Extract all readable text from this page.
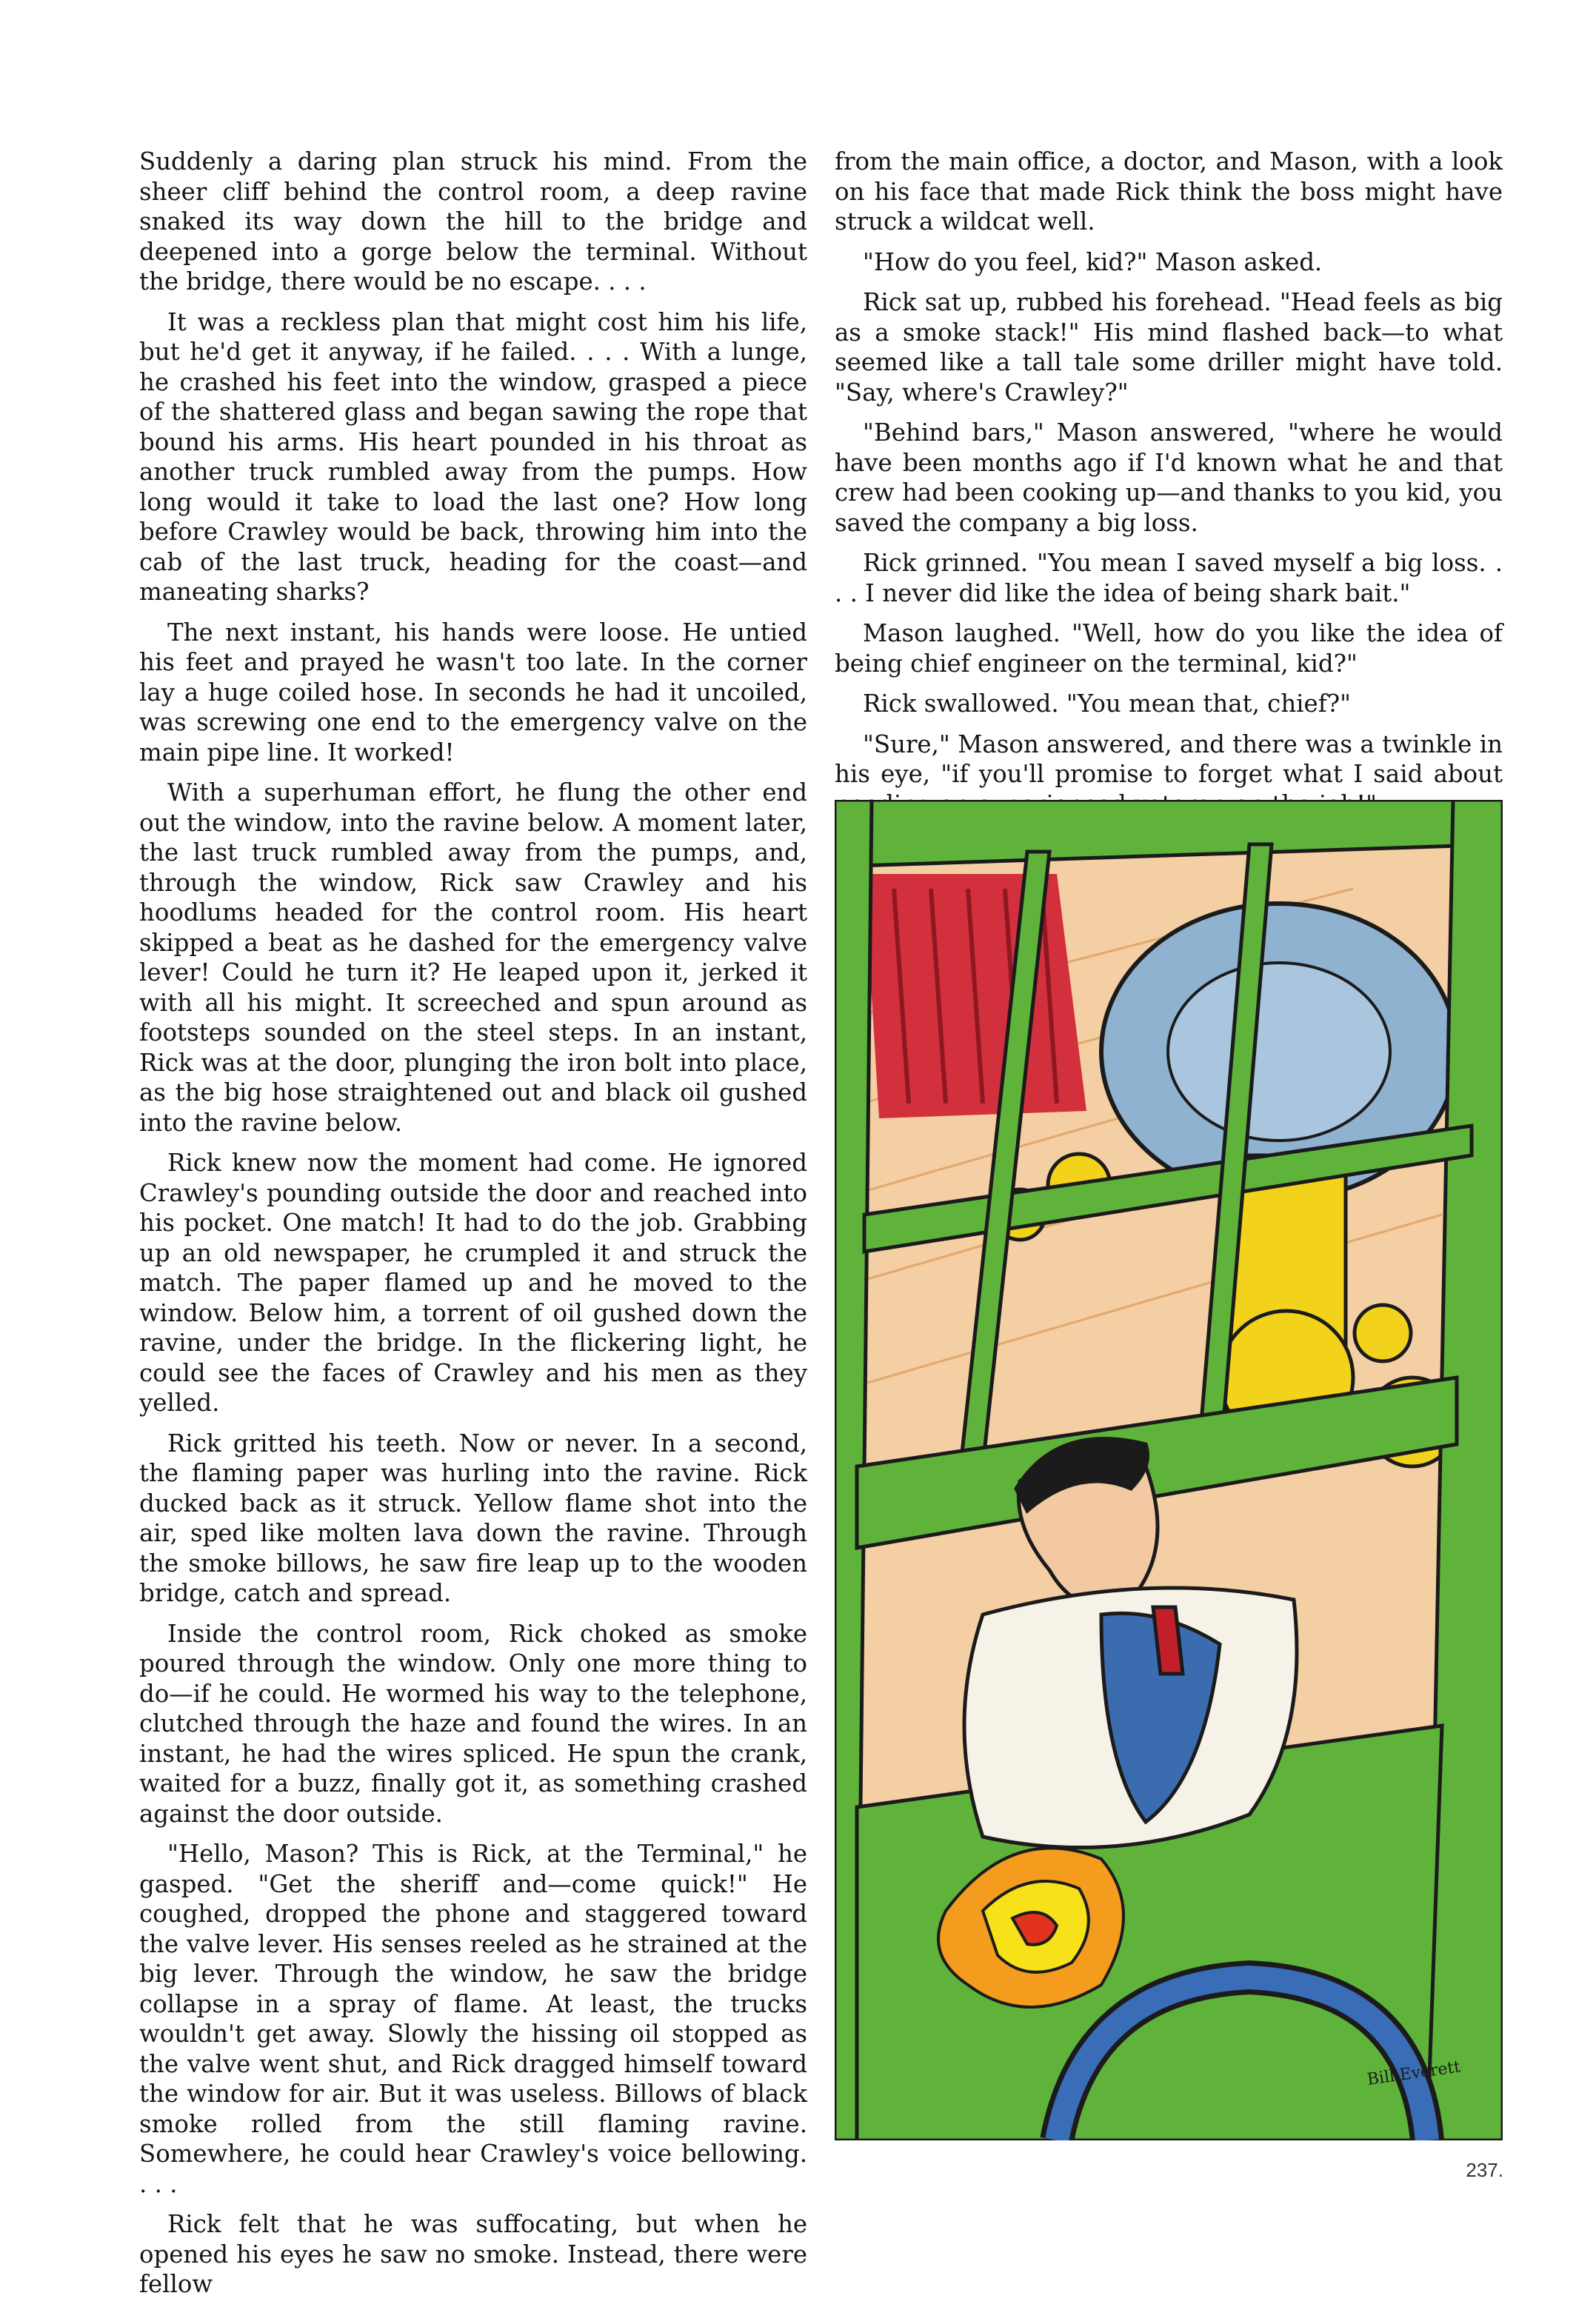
Suddenly a daring plan struck his mind. From the sheer cliff behind the control room, a deep ravine snaked its way down the hill to the bridge and deepened into a gorge below the terminal. Without the bridge, there would be no escape. . . .

It was a reckless plan that might cost him his life, but he'd get it anyway, if he failed. . . . With a lunge, he crashed his feet into the window, grasped a piece of the shattered glass and began sawing the rope that bound his arms. His heart pounded in his throat as another truck rumbled away from the pumps. How long would it take to load the last one? How long before Crawley would be back, throwing him into the cab of the last truck, heading for the coast—and maneating sharks?

The next instant, his hands were loose. He untied his feet and prayed he wasn't too late. In the corner lay a huge coiled hose. In seconds he had it uncoiled, was screwing one end to the emergency valve on the main pipe line. It worked!

With a superhuman effort, he flung the other end out the window, into the ravine below. A moment later, the last truck rumbled away from the pumps, and, through the window, Rick saw Crawley and his hoodlums headed for the control room. His heart skipped a beat as he dashed for the emergency valve lever! Could he turn it? He leaped upon it, jerked it with all his might. It screeched and spun around as footsteps sounded on the steel steps. In an instant, Rick was at the door, plunging the iron bolt into place, as the big hose straightened out and black oil gushed into the ravine below.

Rick knew now the moment had come. He ignored Crawley's pounding outside the door and reached into his pocket. One match! It had to do the job. Grabbing up an old newspaper, he crumpled it and struck the match. The paper flamed up and he moved to the window. Below him, a torrent of oil gushed down the ravine, under the bridge. In the flickering light, he could see the faces of Crawley and his men as they yelled.

Rick gritted his teeth. Now or never. In a second, the flaming paper was hurling into the ravine. Rick ducked back as it struck. Yellow flame shot into the air, sped like molten lava down the ravine. Through the smoke billows, he saw fire leap up to the wooden bridge, catch and spread.

Inside the control room, Rick choked as smoke poured through the window. Only one more thing to do—if he could. He wormed his way to the telephone, clutched through the haze and found the wires. In an instant, he had the wires spliced. He spun the crank, waited for a buzz, finally got it, as something crashed against the door outside.

"Hello, Mason? This is Rick, at the Terminal," he gasped. "Get the sheriff and—come quick!" He coughed, dropped the phone and staggered toward the valve lever. His senses reeled as he strained at the big lever. Through the window, he saw the bridge collapse in a spray of flame. At least, the trucks wouldn't get away. Slowly the hissing oil stopped as the valve went shut, and Rick dragged himself toward the window for air. But it was useless. Billows of black smoke rolled from the still flaming ravine. Somewhere, he could hear Crawley's voice bellowing. . . .

Rick felt that he was suffocating, but when he opened his eyes he saw no smoke. Instead, there were fellow

from the main office, a doctor, and Mason, with a look on his face that made Rick think the boss might have struck a wildcat well.

"How do you feel, kid?" Mason asked.

Rick sat up, rubbed his forehead. "Head feels as big as a smoke stack!" His mind flashed back—to what seemed like a tall tale some driller might have told. "Say, where's Crawley?"

"Behind bars," Mason answered, "where he would have been months ago if I'd known what he and that crew had been cooking up—and thanks to you kid, you saved the company a big loss.

Rick grinned. "You mean I saved myself a big loss. . . . I never did like the idea of being shark bait."

Mason laughed. "Well, how do you like the idea of being chief engineer on the terminal, kid?"

Rick swallowed. "You mean that, chief?"

"Sure," Mason answered, and there was a twinkle in his eye, "if you'll promise to forget what I said about

Bill Everett
237.
